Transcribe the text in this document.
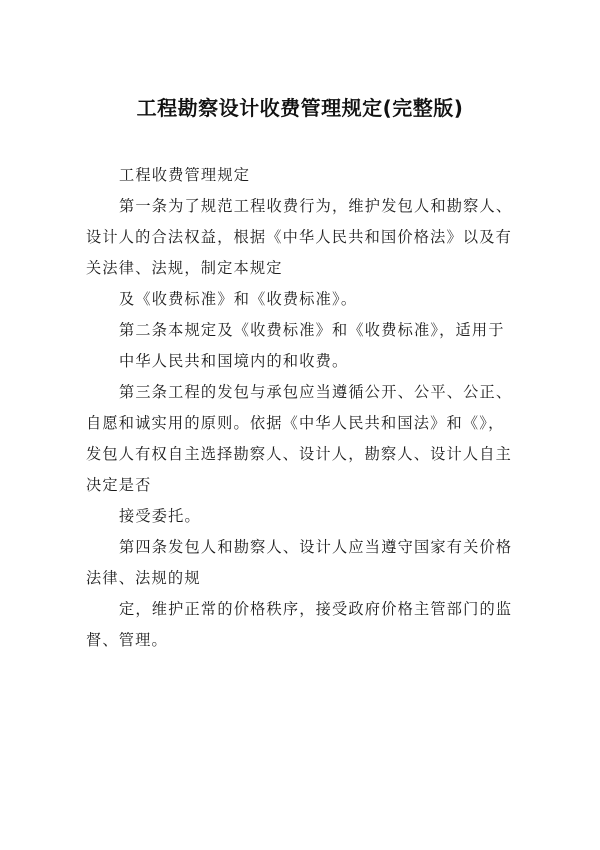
工程勘察设计收费管理规定(完整版)

工程收费管理规定

第一条为了规范工程收费行为，维护发包人和勘察人、设计人的合法权益，根据《中华人民共和国价格法》以及有关法律、法规，制定本规定

及《收费标准》和《收费标准》。

第二条本规定及《收费标准》和《收费标准》，适用于

中华人民共和国境内的和收费。

第三条工程的发包与承包应当遵循公开、公平、公正、自愿和诚实用的原则。依据《中华人民共和国法》和《》，发包人有权自主选择勘察人、设计人，勘察人、设计人自主决定是否

接受委托。

第四条发包人和勘察人、设计人应当遵守国家有关价格法律、法规的规

定，维护正常的价格秩序，接受政府价格主管部门的监督、管理。
